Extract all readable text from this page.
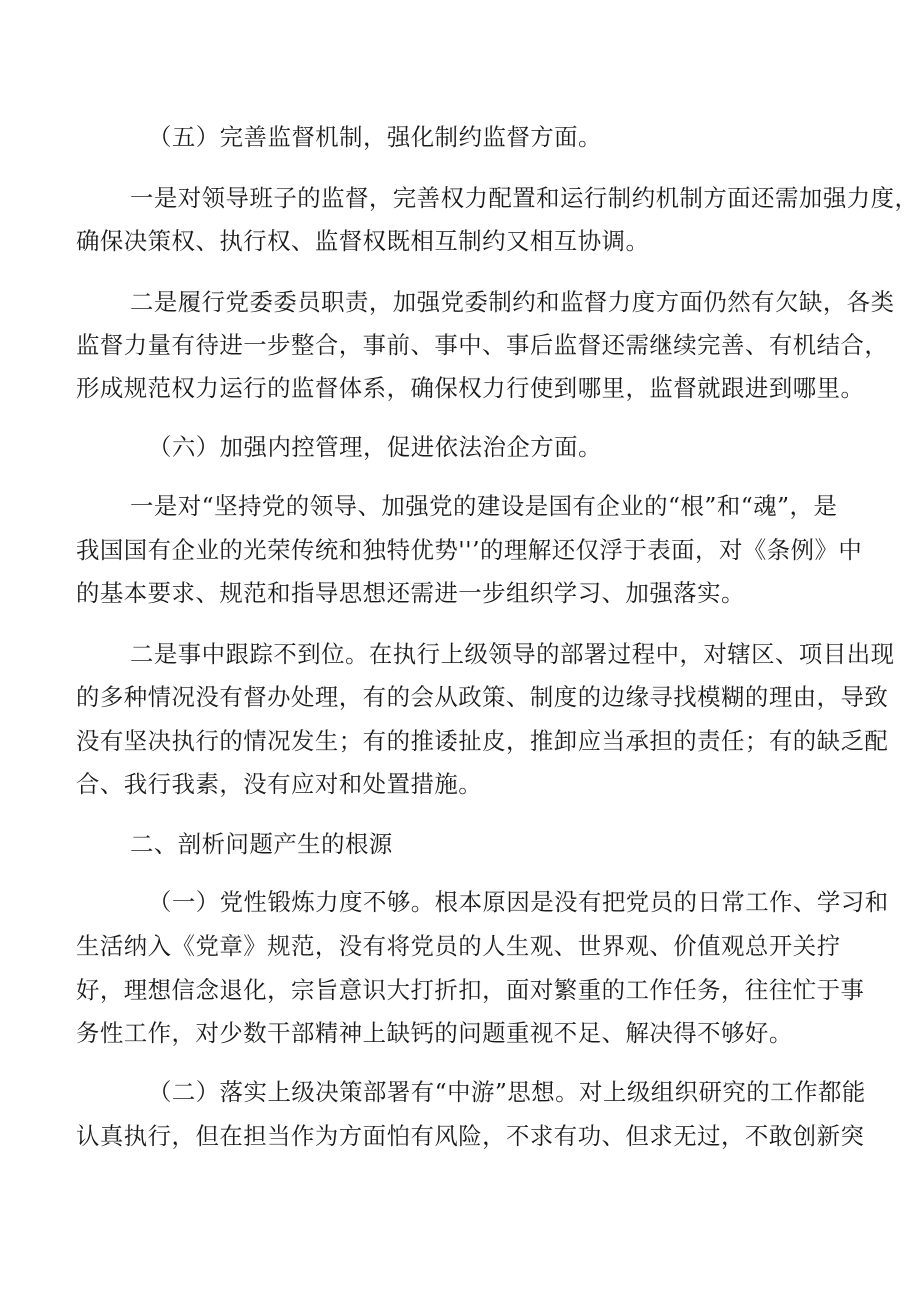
（五）完善监督机制，强化制约监督方面。
一是对领导班子的监督，完善权力配置和运行制约机制方面还需加强力度，
确保决策权、执行权、监督权既相互制约又相互协调。
二是履行党委委员职责，加强党委制约和监督力度方面仍然有欠缺，各类
监督力量有待进一步整合，事前、事中、事后监督还需继续完善、有机结合，
形成规范权力运行的监督体系，确保权力行使到哪里，监督就跟进到哪里。
（六）加强内控管理，促进依法治企方面。
一是对“坚持党的领导、加强党的建设是国有企业的“根”和“魂”，是
我国国有企业的光荣传统和独特优势''’的理解还仅浮于表面，对《条例》中
的基本要求、规范和指导思想还需进一步组织学习、加强落实。
二是事中跟踪不到位。在执行上级领导的部署过程中，对辖区、项目出现
的多种情况没有督办处理，有的会从政策、制度的边缘寻找模糊的理由，导致
没有坚决执行的情况发生；有的推诿扯皮，推卸应当承担的责任；有的缺乏配
合、我行我素，没有应对和处置措施。
二、剖析问题产生的根源
（一）党性锻炼力度不够。根本原因是没有把党员的日常工作、学习和
生活纳入《党章》规范，没有将党员的人生观、世界观、价值观总开关拧
好，理想信念退化，宗旨意识大打折扣，面对繁重的工作任务，往往忙于事
务性工作，对少数干部精神上缺钙的问题重视不足、解决得不够好。
（二）落实上级决策部署有“中游”思想。对上级组织研究的工作都能
认真执行，但在担当作为方面怕有风险，不求有功、但求无过，不敢创新突
